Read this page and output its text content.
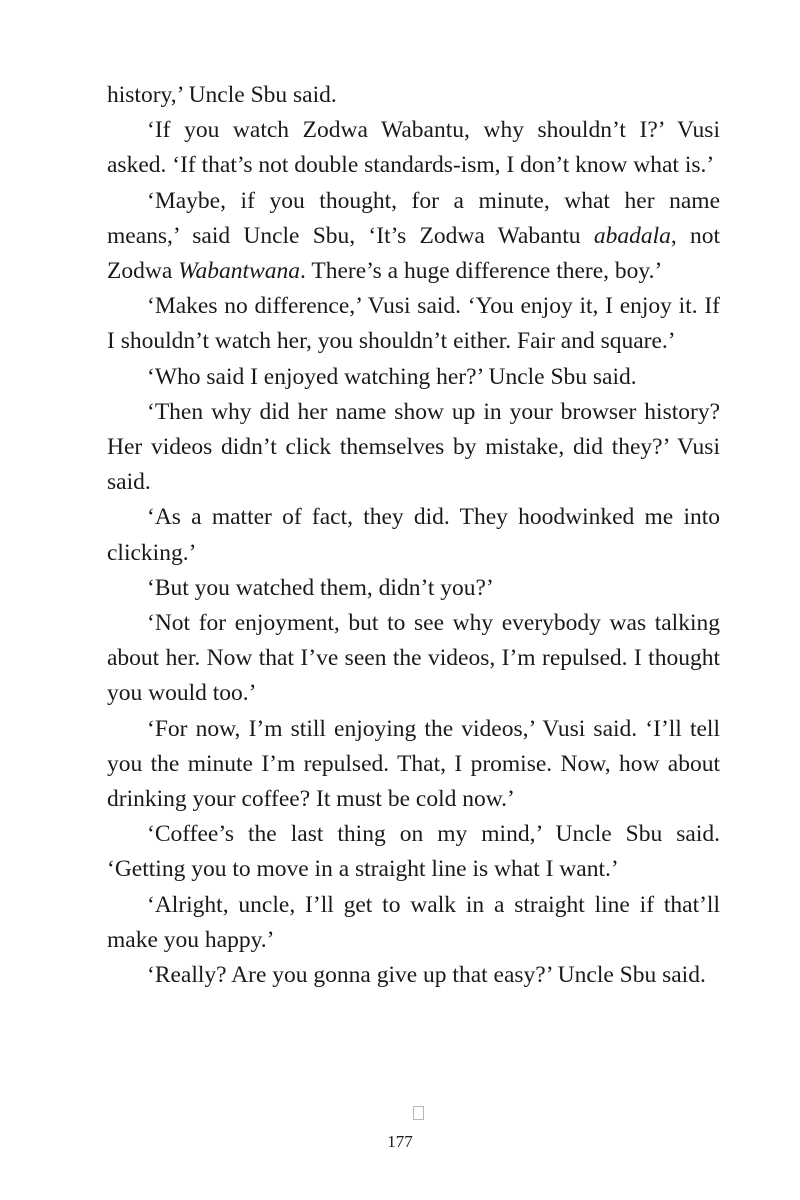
history,’ Uncle Sbu said.

‘If you watch Zodwa Wabantu, why shouldn’t I?’ Vusi asked. ‘If that’s not double standards-ism, I don’t know what is.’

‘Maybe, if you thought, for a minute, what her name means,’ said Uncle Sbu, ‘It’s Zodwa Wabantu abadala, not Zodwa Wabantwana. There’s a huge difference there, boy.’

‘Makes no difference,’ Vusi said. ‘You enjoy it, I enjoy it. If I shouldn’t watch her, you shouldn’t either. Fair and square.’

‘Who said I enjoyed watching her?’ Uncle Sbu said.

‘Then why did her name show up in your browser history? Her videos didn’t click themselves by mistake, did they?’ Vusi said.

‘As a matter of fact, they did. They hoodwinked me into clicking.’

‘But you watched them, didn’t you?’

‘Not for enjoyment, but to see why everybody was talking about her. Now that I’ve seen the videos, I’m repulsed. I thought you would too.’

‘For now, I’m still enjoying the videos,’ Vusi said. ‘I’ll tell you the minute I’m repulsed. That, I promise. Now, how about drinking your coffee? It must be cold now.’

‘Coffee’s the last thing on my mind,’ Uncle Sbu said. ‘Getting you to move in a straight line is what I want.’

‘Alright, uncle, I’ll get to walk in a straight line if that’ll make you happy.’

‘Really? Are you gonna give up that easy?’ Uncle Sbu said.

177
